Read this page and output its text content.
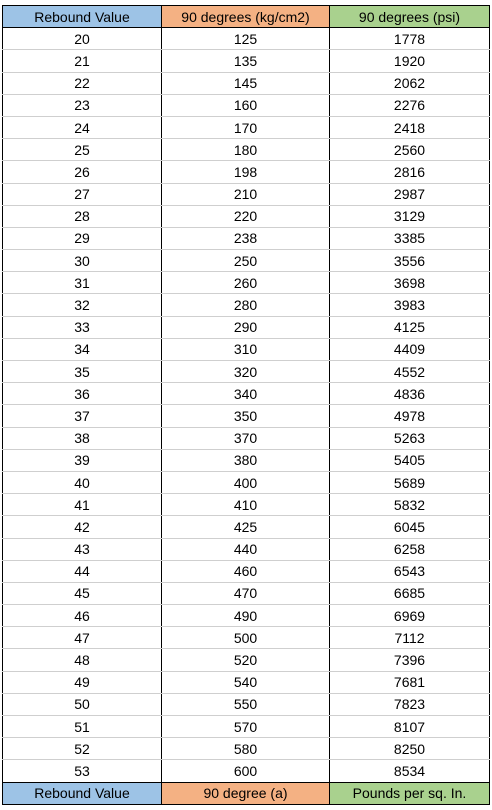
Rebound Value	90 degrees (kg/cm2)	90 degrees (psi)
20	125	1778
21	135	1920
22	145	2062
23	160	2276
24	170	2418
25	180	2560
26	198	2816
27	210	2987
28	220	3129
29	238	3385
30	250	3556
31	260	3698
32	280	3983
33	290	4125
34	310	4409
35	320	4552
36	340	4836
37	350	4978
38	370	5263
39	380	5405
40	400	5689
41	410	5832
42	425	6045
43	440	6258
44	460	6543
45	470	6685
46	490	6969
47	500	7112
48	520	7396
49	540	7681
50	550	7823
51	570	8107
52	580	8250
53	600	8534
Rebound Value	90 degree (a)	Pounds per sq. In.
